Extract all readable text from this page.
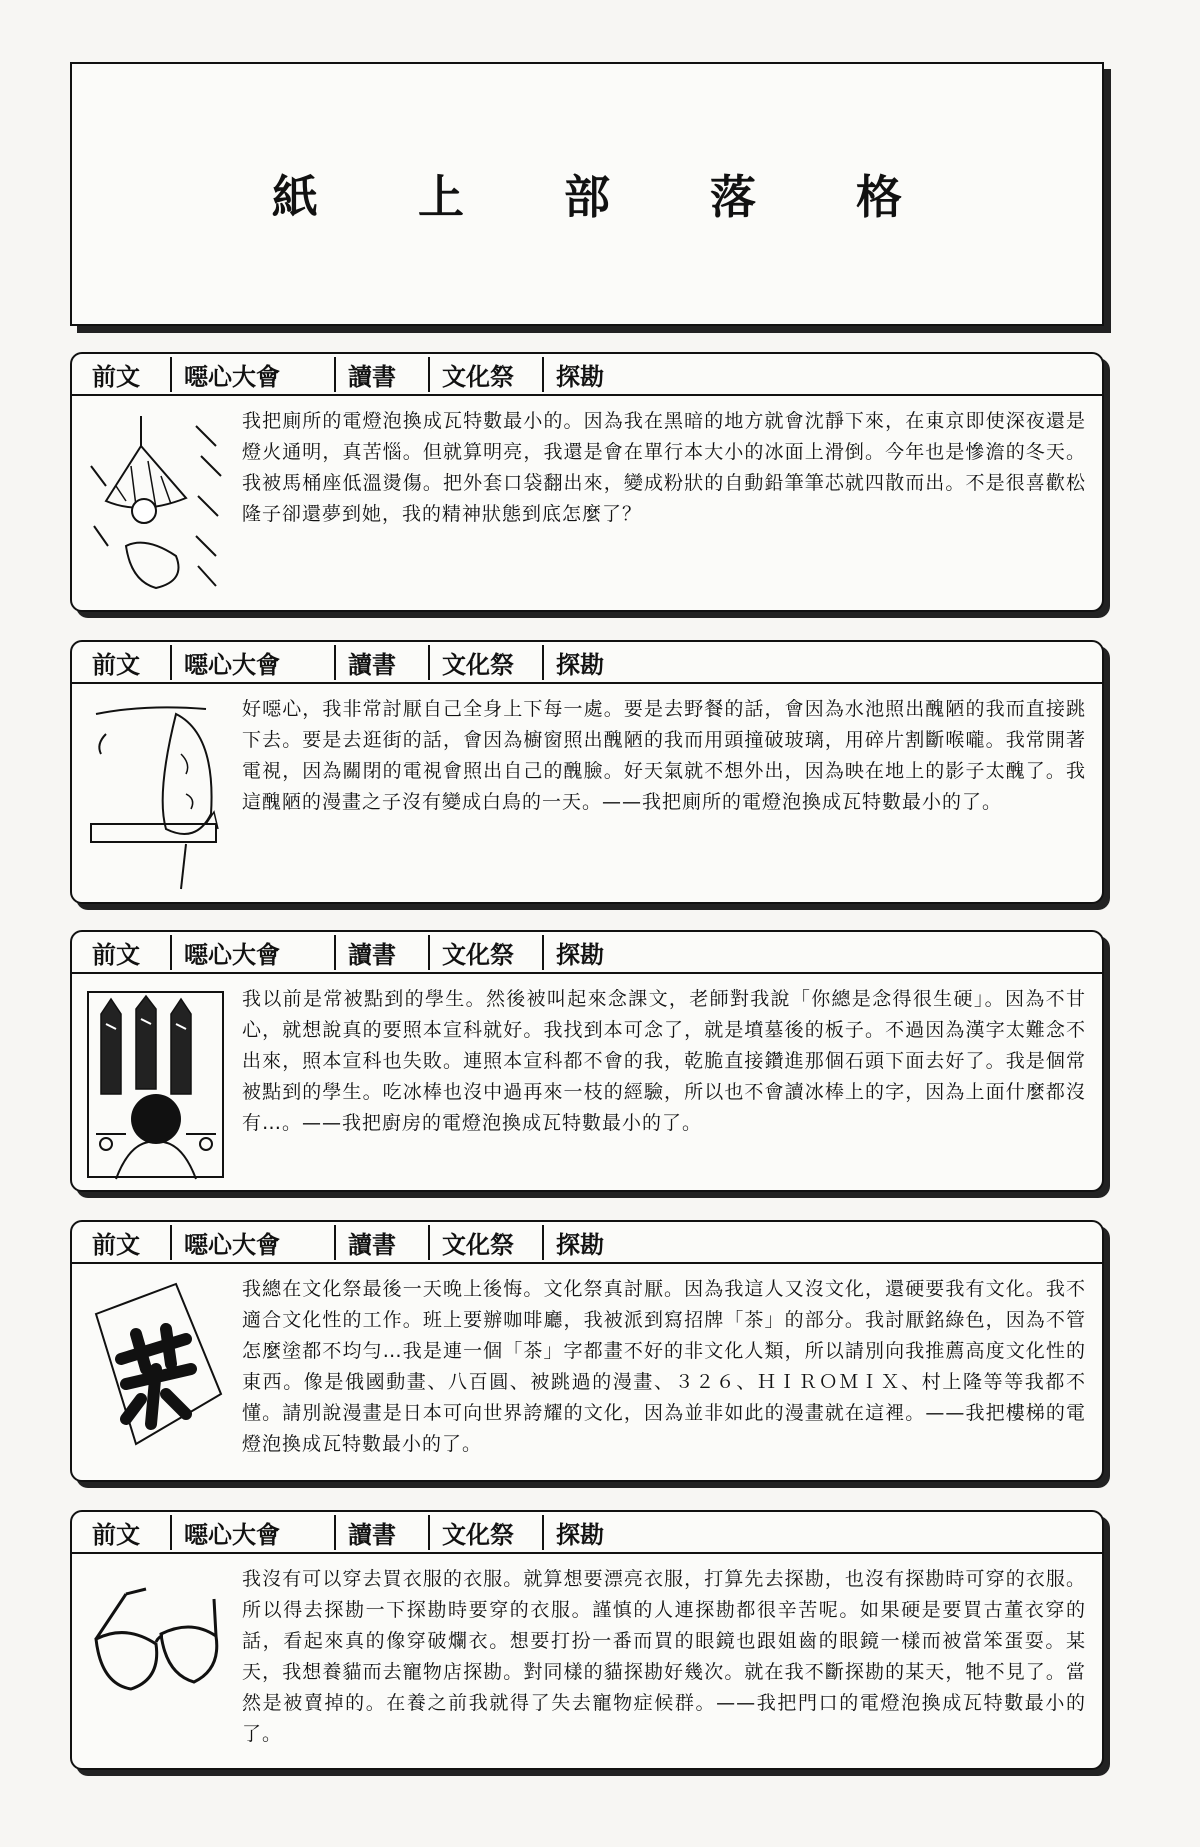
紙 上 部 落 格
前文	噁心大會	讀書	文化祭	探勘
我把廁所的電燈泡換成瓦特數最小的。因為我在黑暗的地方就會沈靜下來，在東京即使深夜還是燈火通明，真苦惱。但就算明亮，我還是會在單行本大小的冰面上滑倒。今年也是慘澹的冬天。我被馬桶座低溫燙傷。把外套口袋翻出來，變成粉狀的自動鉛筆筆芯就四散而出。不是很喜歡松隆子卻還夢到她，我的精神狀態到底怎麼了？
前文	噁心大會	讀書	文化祭	探勘
好噁心，我非常討厭自己全身上下每一處。要是去野餐的話，會因為水池照出醜陋的我而直接跳下去。要是去逛街的話，會因為櫥窗照出醜陋的我而用頭撞破玻璃，用碎片割斷喉嚨。我常開著電視，因為關閉的電視會照出自己的醜臉。好天氣就不想外出，因為映在地上的影子太醜了。我這醜陋的漫畫之子沒有變成白鳥的一天。——我把廁所的電燈泡換成瓦特數最小的了。
前文	噁心大會	讀書	文化祭	探勘
我以前是常被點到的學生。然後被叫起來念課文，老師對我說「你總是念得很生硬」。因為不甘心，就想說真的要照本宣科就好。我找到本可念了，就是墳墓後的板子。不過因為漢字太難念不出來，照本宣科也失敗。連照本宣科都不會的我，乾脆直接鑽進那個石頭下面去好了。我是個常被點到的學生。吃冰棒也沒中過再來一枝的經驗，所以也不會讀冰棒上的字，因為上面什麼都沒有…。——我把廚房的電燈泡換成瓦特數最小的了。
前文	噁心大會	讀書	文化祭	探勘
我總在文化祭最後一天晚上後悔。文化祭真討厭。因為我這人又沒文化，還硬要我有文化。我不適合文化性的工作。班上要辦咖啡廳，我被派到寫招牌「茶」的部分。我討厭銘綠色，因為不管怎麼塗都不均勻…我是連一個「茶」字都畫不好的非文化人類，所以請別向我推薦高度文化性的東西。像是俄國動畫、八百圓、被跳過的漫畫、３２６、ＨＩＲＯＭＩＸ、村上隆等等我都不懂。請別說漫畫是日本可向世界誇耀的文化，因為並非如此的漫畫就在這裡。——我把樓梯的電燈泡換成瓦特數最小的了。
前文	噁心大會	讀書	文化祭	探勘
我沒有可以穿去買衣服的衣服。就算想要漂亮衣服，打算先去探勘，也沒有探勘時可穿的衣服。所以得去探勘一下探勘時要穿的衣服。謹慎的人連探勘都很辛苦呢。如果硬是要買古董衣穿的話，看起來真的像穿破爛衣。想要打扮一番而買的眼鏡也跟姐齒的眼鏡一樣而被當笨蛋耍。某天，我想養貓而去寵物店探勘。對同樣的貓探勘好幾次。就在我不斷探勘的某天，牠不見了。當然是被賣掉的。在養之前我就得了失去寵物症候群。——我把門口的電燈泡換成瓦特數最小的了。
